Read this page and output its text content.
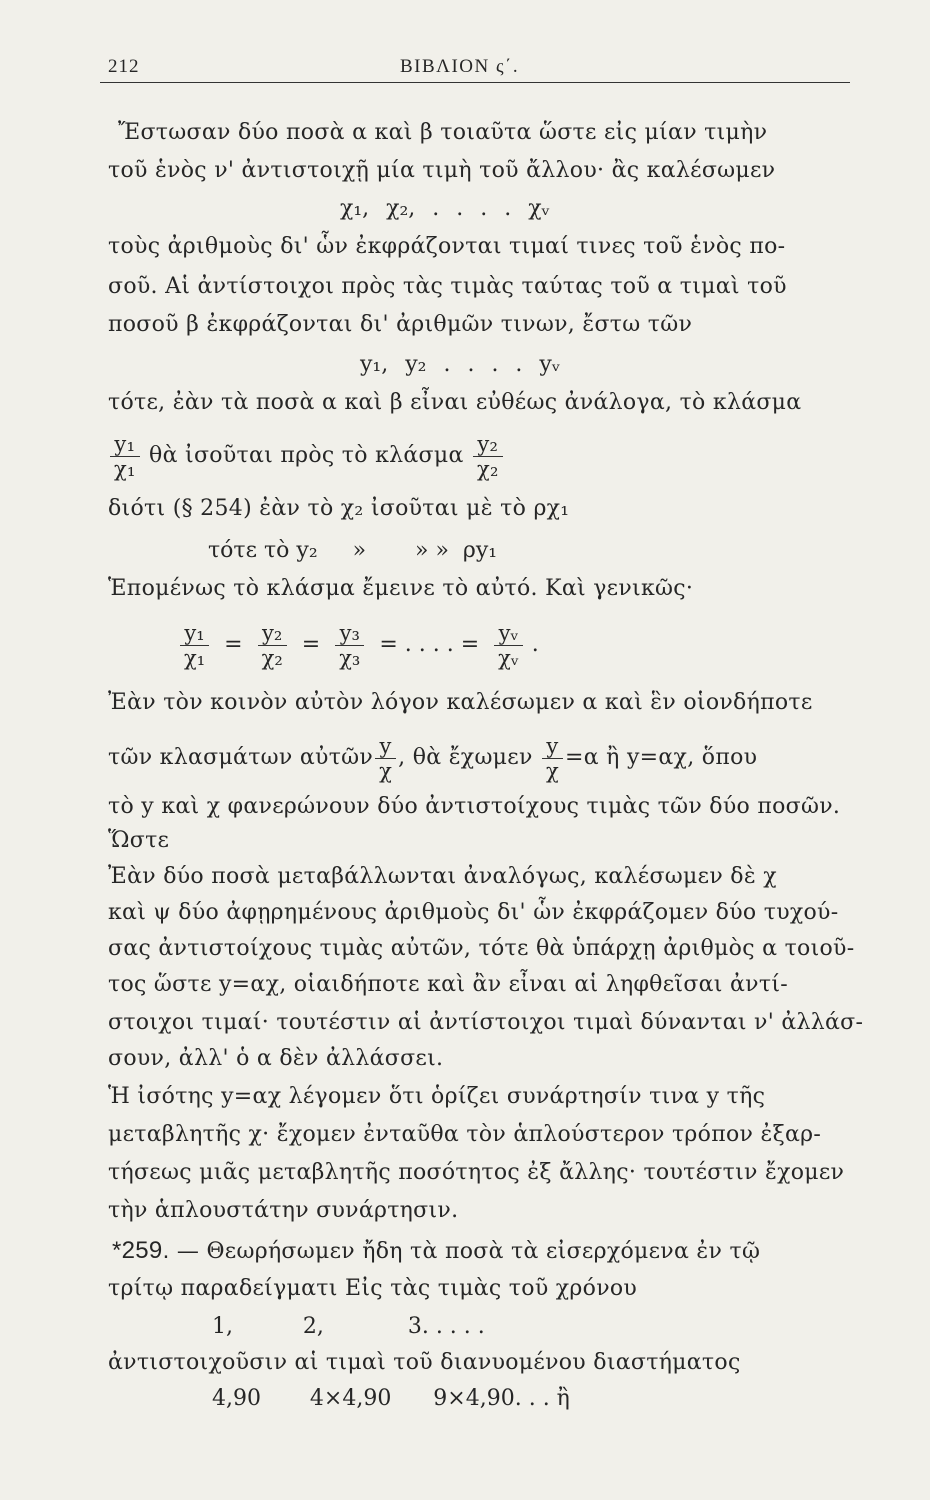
212	ΒΙΒΛΙΟΝ ς΄.
Ἔστωσαν δύο ποσὰ α καὶ β τοιαῦτα ὥστε εἰς μίαν τιμὴν
τοῦ ἑνὸς ν' ἀντιστοιχῇ μία τιμὴ τοῦ ἄλλου· ἂς καλέσωμεν
χ₁, χ₂, . . . . χᵥ
τοὺς ἀριθμοὺς δι' ὧν ἐκφράζονται τιμαί τινες τοῦ ἑνὸς πο-
σοῦ. Αἱ ἀντίστοιχοι πρὸς τὰς τιμὰς ταύτας τοῦ α τιμαὶ τοῦ
ποσοῦ β ἐκφράζονται δι' ἀριθμῶν τινων, ἔστω τῶν
y₁, y₂ . . . . yᵥ
τότε, ἐὰν τὰ ποσὰ α καὶ β εἶναι εὐθέως ἀνάλογα, τὸ κλάσμα
$\frac{\text{y₁}}{\text{χ₁}}$ θὰ ἰσοῦται πρὸς τὸ κλάσμα $\frac{\text{y₂}}{\text{χ₂}}$
διότι (§ 254) ἐὰν τὸ χ₂ ἰσοῦται μὲ τὸ ρχ₁
τότε τὸ y₂     »       » »  ρy₁
Ἑπομένως τὸ κλάσμα ἔμεινε τὸ αὐτό. Καὶ γενικῶς·
$\frac{\text{y₁}}{\text{χ₁}} = \frac{\text{y₂}}{\text{χ₂}} = \frac{\text{y₃}}{\text{χ₃}}$ = . . . . = $\frac{\text{yᵥ}}{\text{χᵥ}}$ .
Ἐὰν τὸν κοινὸν αὐτὸν λόγον καλέσωμεν α καὶ ἓν οἱονδήποτε
τῶν κλασμάτων αὐτῶν $\frac{y}{\chi}$ , θὰ ἔχωμεν $\frac{y}{\chi} =\alpha$ ἢ y=αχ, ὅπου
τὸ y καὶ χ φανερώνουν δύο ἀντιστοίχους τιμὰς τῶν δύο ποσῶν.
Ὥστε
Ἐὰν δύο ποσὰ μεταβάλλωνται ἀναλόγως, καλέσωμεν δὲ χ
καὶ ψ δύο ἀφῃρημένους ἀριθμοὺς δι' ὧν ἐκφράζομεν δύο τυχού-
σας ἀντιστοίχους τιμὰς αὐτῶν, τότε θὰ ὑπάρχῃ ἀριθμὸς α τοιοῦ-
τος ὥστε y=αχ, οἱαιδήποτε καὶ ἂν εἶναι αἱ ληφθεῖσαι ἀντί-
στοιχοι τιμαί· τουτέστιν αἱ ἀντίστοιχοι τιμαὶ δύνανται ν' ἀλλάσ-
σουν, ἀλλ' ὁ α δὲν ἀλλάσσει.
Ἡ ἰσότης y=αχ λέγομεν ὅτι ὁρίζει συνάρτησίν τινα y τῆς
μεταβλητῆς χ· ἔχομεν ἐνταῦθα τὸν ἁπλούστερον τρόπον ἐξαρ-
τήσεως μιᾶς μεταβλητῆς ποσότητος ἐξ ἄλλης· τουτέστιν ἔχομεν
τὴν ἁπλουστάτην συνάρτησιν.
*259. — Θεωρήσωμεν ἤδη τὰ ποσὰ τὰ εἰσερχόμενα ἐν τῷ
τρίτῳ παραδείγματι Εἰς τὰς τιμὰς τοῦ χρόνου
1,          2,            3. . . . .
ἀντιστοιχοῦσιν αἱ τιμαὶ τοῦ διανυομένου διαστήματος
4,90       4×4,90      9×4,90. . . ἢ
